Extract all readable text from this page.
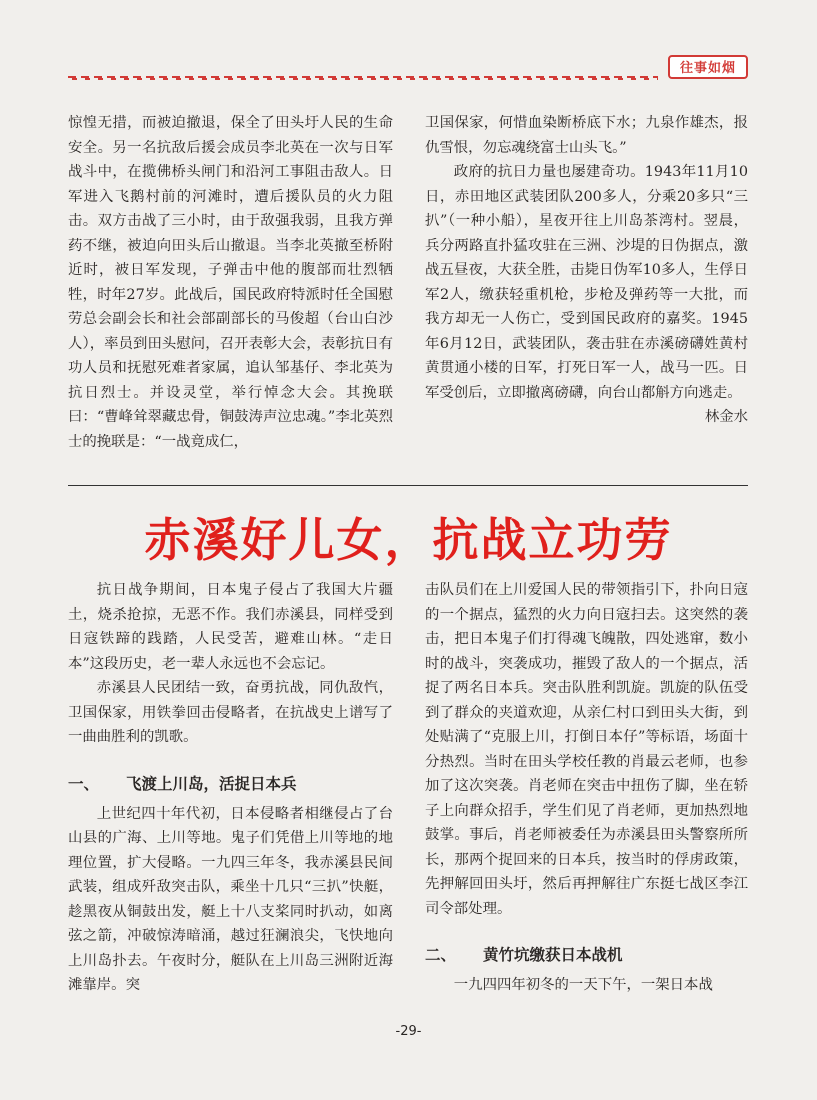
往事如烟

惊惶无措，而被迫撤退，保全了田头圩人民的生命安全。另一名抗敌后援会成员李北英在一次与日军战斗中，在揽佛桥头闸门和沿河工事阻击敌人。日军进入飞鹅村前的河滩时，遭后援队员的火力阻击。双方击战了三小时，由于敌强我弱，且我方弹药不继，被迫向田头后山撤退。当李北英撤至桥附近时，被日军发现，子弹击中他的腹部而壮烈牺牲，时年27岁。此战后，国民政府特派时任全国慰劳总会副会长和社会部副部长的马俊超（台山白沙人），率员到田头慰问，召开表彰大会，表彰抗日有功人员和抚慰死难者家属，追认邹基仔、李北英为抗日烈士。并设灵堂，举行悼念大会。其挽联曰：“曹峰耸翠藏忠骨，铜鼓涛声泣忠魂。”李北英烈士的挽联是：“一战竟成仁，

卫国保家，何惜血染断桥底下水；九泉作雄杰，报仇雪恨，勿忘魂绕富士山头飞。”

政府的抗日力量也屡建奇功。1943年11月10日，赤田地区武装团队200多人，分乘20多只“三扒”（一种小船），星夜开往上川岛茶湾村。翌晨，兵分两路直扑猛攻驻在三洲、沙堤的日伪据点，激战五昼夜，大获全胜，击毙日伪军10多人，生俘日军2人，缴获轻重机枪，步枪及弹药等一大批，而我方却无一人伤亡，受到国民政府的嘉奖。1945年6月12日，武装团队，袭击驻在赤溪磅礴姓黄村黄贯通小楼的日军，打死日军一人，战马一匹。日军受创后，立即撤离磅礴，向台山都斛方向逃走。

林金水

赤溪好儿女，抗战立功劳

抗日战争期间，日本鬼子侵占了我国大片疆土，烧杀抢掠，无恶不作。我们赤溪县，同样受到日寇铁蹄的践踏，人民受苦，避难山林。“走日本”这段历史，老一辈人永远也不会忘记。

赤溪县人民团结一致，奋勇抗战，同仇敌忾，卫国保家，用铁拳回击侵略者，在抗战史上谱写了一曲曲胜利的凯歌。

一、 飞渡上川岛，活捉日本兵

上世纪四十年代初，日本侵略者相继侵占了台山县的广海、上川等地。鬼子们凭借上川等地的地理位置，扩大侵略。一九四三年冬，我赤溪县民间武装，组成歼敌突击队，乘坐十几只“三扒”快艇，趁黑夜从铜鼓出发，艇上十八支桨同时扒动，如离弦之箭，冲破惊涛暗涌，越过狂澜浪尖，飞快地向上川岛扑去。午夜时分，艇队在上川岛三洲附近海滩靠岸。突

击队员们在上川爱国人民的带领指引下，扑向日寇的一个据点，猛烈的火力向日寇扫去。这突然的袭击，把日本鬼子们打得魂飞魄散，四处逃窜，数小时的战斗，突袭成功，摧毁了敌人的一个据点，活捉了两名日本兵。突击队胜利凯旋。凯旋的队伍受到了群众的夹道欢迎，从亲仁村口到田头大街，到处贴满了“克服上川，打倒日本仔”等标语，场面十分热烈。当时在田头学校任教的肖最云老师，也参加了这次突袭。肖老师在突击中扭伤了脚，坐在轿子上向群众招手，学生们见了肖老师，更加热烈地鼓掌。事后，肖老师被委任为赤溪县田头警察所所长，那两个捉回来的日本兵，按当时的俘虏政策，先押解回田头圩，然后再押解往广东挺七战区李江司令部处理。

二、 黄竹坑缴获日本战机

一九四四年初冬的一天下午，一架日本战

-29-
